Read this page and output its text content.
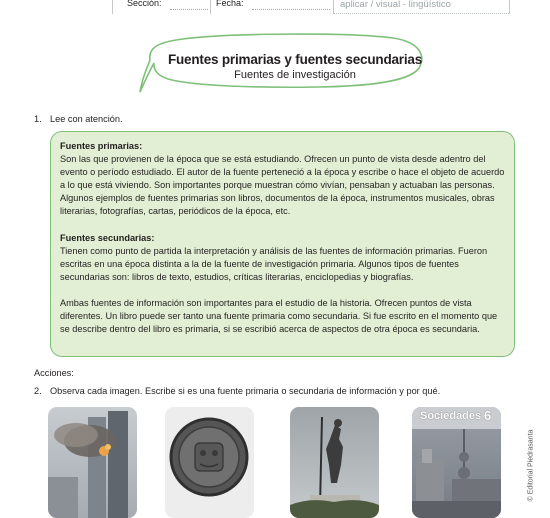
Sección:	Fecha:	aplicar / visual - lingüístico
Fuentes primarias y fuentes secundarias
Fuentes de investigación
1. Lee con atención.

Fuentes primarias:
Son las que provienen de la época que se está estudiando. Ofrecen un punto de vista desde adentro del evento o período estudiado. El autor de la fuente perteneció a la época y escribe o hace el objeto de acuerdo a lo que está viviendo. Son importantes porque muestran cómo vivían, pensaban y actuaban las personas. Algunos ejemplos de fuentes primarias son libros, documentos de la época, instrumentos musicales, obras literarias, fotografías, cartas, periódicos de la época, etc.

Fuentes secundarias:
Tienen como punto de partida la interpretación y análisis de las fuentes de información primarias. Fueron escritas en una época distinta a la de la fuente de investigación primaria. Algunos tipos de fuentes secundarias son: libros de texto, estudios, críticas literarias, enciclopedias y biografías.

Ambas fuentes de información son importantes para el estudio de la historia. Ofrecen puntos de vista diferentes. Un libro puede ser tanto una fuente primaria como secundaria. Si fue escrito en el momento que se describe dentro del libro es primaria, si se escribió acerca de aspectos de otra época es secundaria.

Acciones:
2. Observa cada imagen. Escribe si es una fuente primaria o secundaria de información y por qué.
Sociedades 6
© Editorial Piedrasanta
